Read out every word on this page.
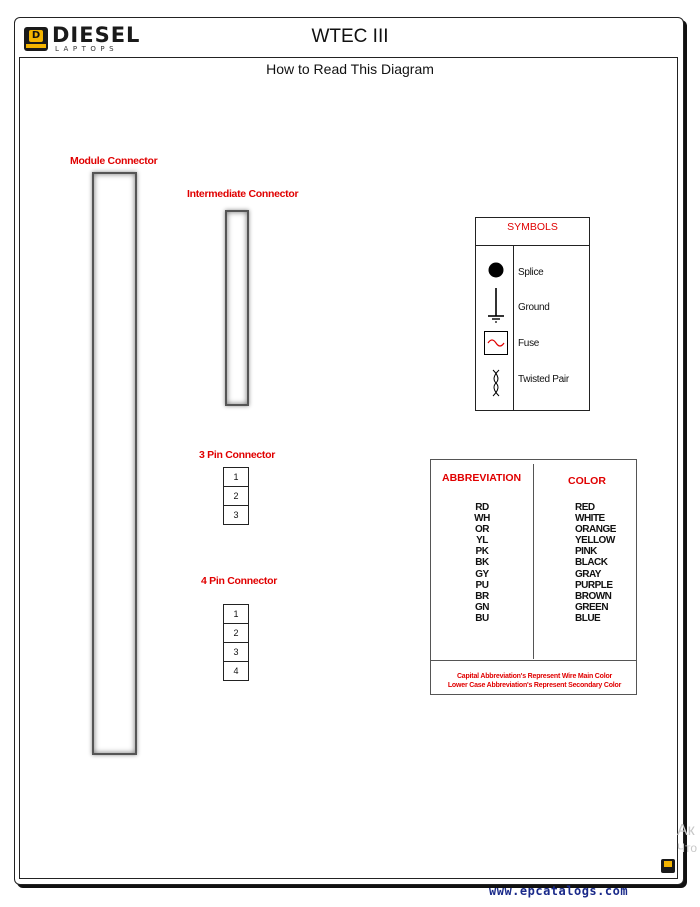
D DIESEL
LAPTOPS
WTEC III
How to Read This Diagram
Module Connector
Intermediate Connector
3 Pin Connector
1
2
3
4 Pin Connector
1
2
3
4
SYMBOLS
Splice
Ground
Fuse
Twisted Pair
ABBREVIATION	COLOR
RD
WH
OR
YL
PK
BK
GY
PU
BR
GN
BU
RED
WHITE
ORANGE
YELLOW
PINK
BLACK
GRAY
PURPLE
BROWN
GREEN
BLUE
Capital Abbreviation's Represent Wire Main Color
Lower Case Abbreviation's Represent Secondary Color
www.epcatalogs.com
Ак
Что
